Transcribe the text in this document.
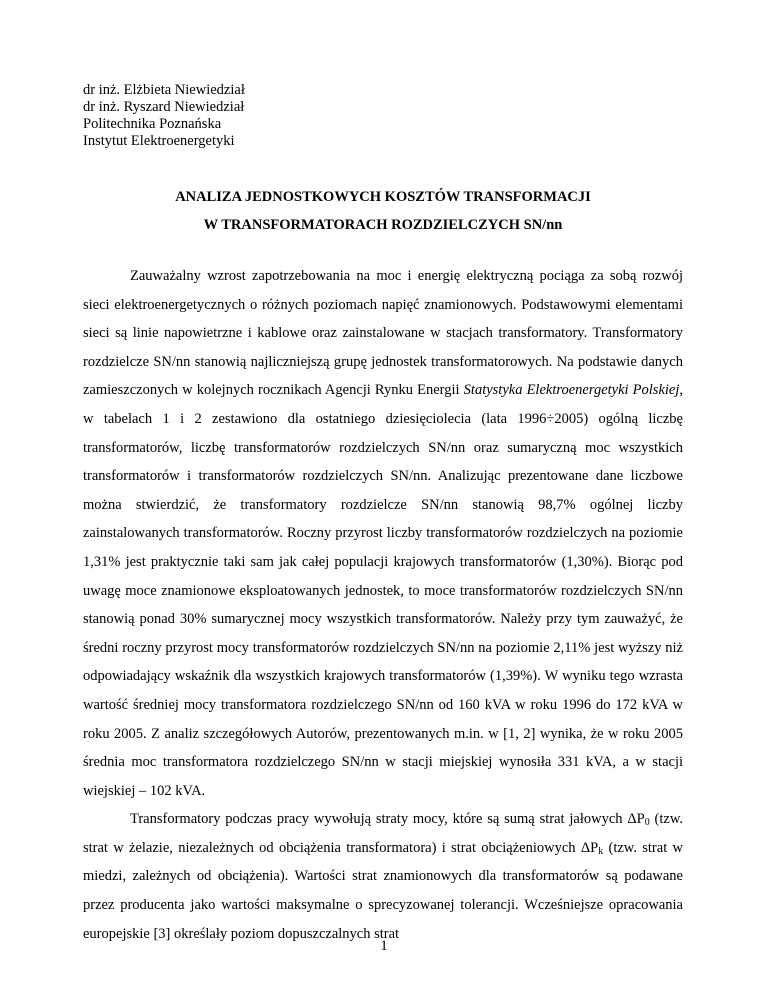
dr inż. Elżbieta Niewiedział
dr inż. Ryszard Niewiedział
Politechnika Poznańska
Instytut Elektroenergetyki
ANALIZA JEDNOSTKOWYCH KOSZTÓW TRANSFORMACJI
W TRANSFORMATORACH ROZDZIELCZYCH SN/nn

Zauważalny wzrost zapotrzebowania na moc i energię elektryczną pociąga za sobą rozwój sieci elektroenergetycznych o różnych poziomach napięć znamionowych. Podstawowymi elementami sieci są linie napowietrzne i kablowe oraz zainstalowane w stacjach transformatory. Transformatory rozdzielcze SN/nn stanowią najliczniejszą grupę jednostek transformatorowych. Na podstawie danych zamieszczonych w kolejnych rocznikach Agencji Rynku Energii Statystyka Elektroenergetyki Polskiej, w tabelach 1 i 2 zestawiono dla ostatniego dziesięciolecia (lata 1996÷2005) ogólną liczbę transformatorów, liczbę transformatorów rozdzielczych SN/nn oraz sumaryczną moc wszystkich transformatorów i transformatorów rozdzielczych SN/nn. Analizując prezentowane dane liczbowe można stwierdzić, że transformatory rozdzielcze SN/nn stanowią 98,7% ogólnej liczby zainstalowanych transformatorów. Roczny przyrost liczby transformatorów rozdzielczych na poziomie 1,31% jest praktycznie taki sam jak całej populacji krajowych transformatorów (1,30%). Biorąc pod uwagę moce znamionowe eksploatowanych jednostek, to moce transformatorów rozdzielczych SN/nn stanowią ponad 30% sumarycznej mocy wszystkich transformatorów. Należy przy tym zauważyć, że średni roczny przyrost mocy transformatorów rozdzielczych SN/nn na poziomie 2,11% jest wyższy niż odpowiadający wskaźnik dla wszystkich krajowych transformatorów (1,39%). W wyniku tego wzrasta wartość średniej mocy transformatora rozdzielczego SN/nn od 160 kVA w roku 1996 do 172 kVA w roku 2005. Z analiz szczegółowych Autorów, prezentowanych m.in. w [1, 2] wynika, że w roku 2005 średnia moc transformatora rozdzielczego SN/nn w stacji miejskiej wynosiła 331 kVA, a w stacji wiejskiej – 102 kVA.

Transformatory podczas pracy wywołują straty mocy, które są sumą strat jałowych $\Delta P_0$ (tzw. strat w żelazie, niezależnych od obciążenia transformatora) i strat obciążeniowych $\Delta P_k$ (tzw. strat w miedzi, zależnych od obciążenia). Wartości strat znamionowych dla transformatorów są podawane przez producenta jako wartości maksymalne o sprecyzowanej tolerancji. Wcześniejsze opracowania europejskie [3] określały poziom dopuszczalnych strat

1
